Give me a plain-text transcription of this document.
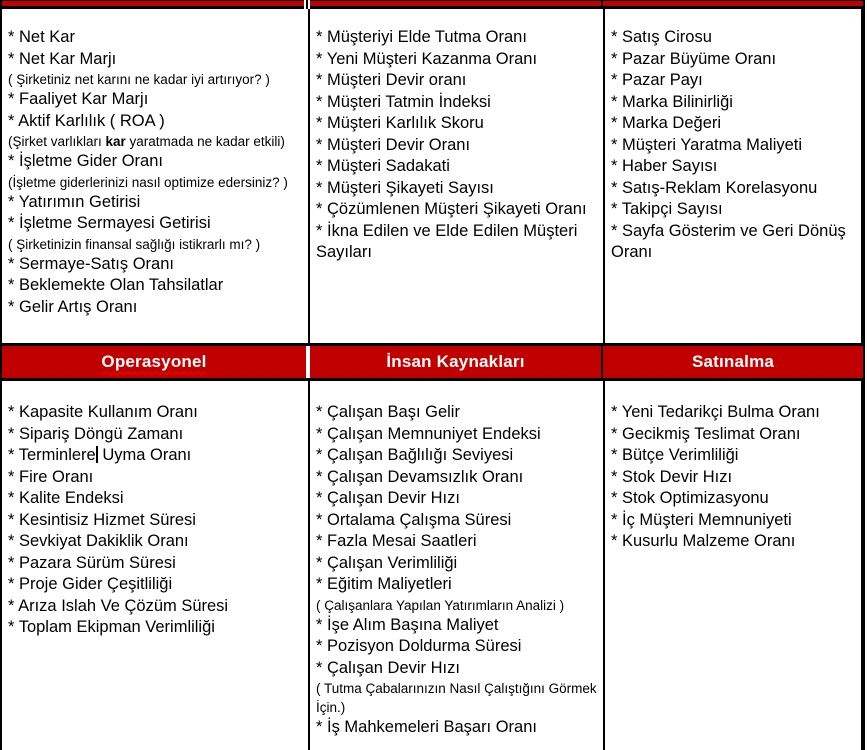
* Net Kar
* Net Kar Marjı
( Şirketiniz net karını ne kadar iyi artırıyor? )
* Faaliyet Kar Marjı
* Aktif Karlılık ( ROA )
(Şirket varlıkları kar yaratmada ne kadar etkili)
* İşletme Gider Oranı
(İşletme giderlerinizi nasıl optimize edersiniz? )
* Yatırımın Getirisi
* İşletme Sermayesi Getirisi
( Şirketinizin finansal sağlığı istikrarlı mı? )
* Sermaye-Satış Oranı
* Beklemekte Olan Tahsilatlar
* Gelir Artış Oranı
* Müşteriyi Elde Tutma Oranı
* Yeni Müşteri Kazanma Oranı
* Müşteri Devir oranı
* Müşteri Tatmin İndeksi
* Müşteri Karlılık Skoru
* Müşteri Devir Oranı
* Müşteri Sadakati
* Müşteri Şikayeti Sayısı
* Çözümlenen Müşteri Şikayeti Oranı
* İkna Edilen ve Elde Edilen Müşteri Sayıları
* Satış Cirosu
* Pazar Büyüme Oranı
* Pazar Payı
* Marka Bilinirliği
* Marka Değeri
* Müşteri Yaratma Maliyeti
* Haber Sayısı
* Satış-Reklam Korelasyonu
* Takipçi Sayısı
* Sayfa Gösterim ve Geri Dönüş Oranı
Operasyonel	İnsan Kaynakları	Satınalma
* Kapasite Kullanım Oranı
* Sipariş Döngü Zamanı
* Terminlere Uyma Oranı
* Fire Oranı
* Kalite Endeksi
* Kesintisiz Hizmet Süresi
* Sevkiyat Dakiklik Oranı
* Pazara Sürüm Süresi
* Proje Gider Çeşitliliği
* Arıza Islah Ve Çözüm Süresi
* Toplam Ekipman Verimliliği
* Çalışan Başı Gelir
* Çalışan Memnuniyet Endeksi
* Çalışan Bağlılığı Seviyesi
* Çalışan Devamsızlık Oranı
* Çalışan Devir Hızı
* Ortalama Çalışma Süresi
* Fazla Mesai Saatleri
* Çalışan Verimliliği
* Eğitim Maliyetleri
( Çalışanlara Yapılan Yatırımların Analizi )
* İşe Alım Başına Maliyet
* Pozisyon Doldurma Süresi
* Çalışan Devir Hızı
( Tutma Çabalarınızın Nasıl Çalıştığını Görmek İçin.)
* İş Mahkemeleri Başarı Oranı
* Yeni Tedarikçi Bulma Oranı
* Gecikmiş Teslimat Oranı
* Bütçe Verimliliği
* Stok Devir Hızı
* Stok Optimizasyonu
* İç Müşteri Memnuniyeti
* Kusurlu Malzeme Oranı
